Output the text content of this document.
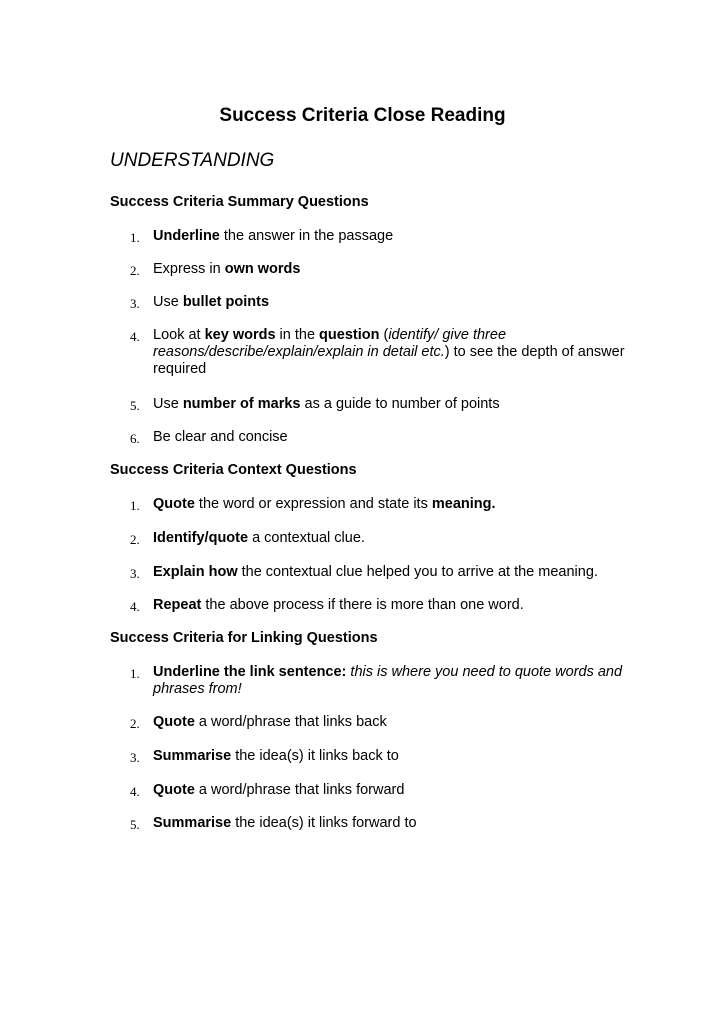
Success Criteria Close Reading
UNDERSTANDING
Success Criteria Summary Questions
1. Underline the answer in the passage
2. Express in own words
3. Use bullet points
4. Look at key words in the question (identify/ give three reasons/describe/explain/explain in detail etc.) to see the depth of answer required
5. Use number of marks as a guide to number of points
6. Be clear and concise
Success Criteria Context Questions
1. Quote the word or expression and state its meaning.
2. Identify/quote a contextual clue.
3. Explain how the contextual clue helped you to arrive at the meaning.
4. Repeat the above process if there is more than one word.
Success Criteria for Linking Questions
1. Underline the link sentence: this is where you need to quote words and phrases from!
2. Quote a word/phrase that links back
3. Summarise the idea(s) it links back to
4. Quote a word/phrase that links forward
5. Summarise the idea(s) it links forward to
